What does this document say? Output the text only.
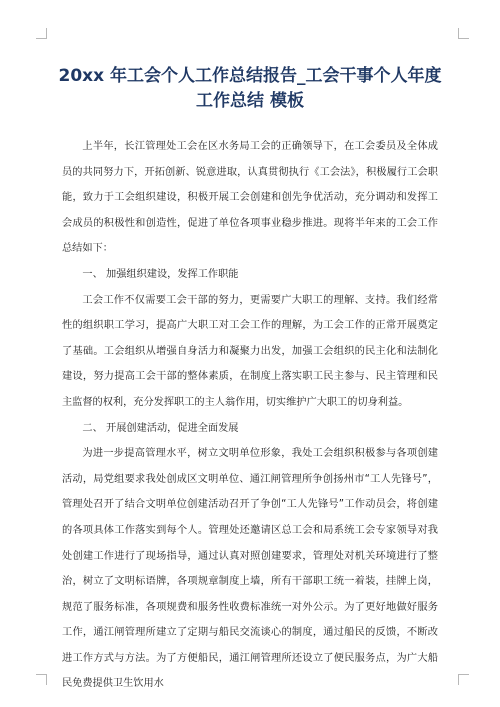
20xx 年工会个人工作总结报告_工会干事个人年度工作总结 模板

上半年，长江管理处工会在区水务局工会的正确领导下，在工会委员及全体成员的共同努力下，开拓创新、锐意进取，认真贯彻执行《工会法》，积极履行工会职能，致力于工会组织建设，积极开展工会创建和创先争优活动，充分调动和发挥工会成员的积极性和创造性，促进了单位各项事业稳步推进。现将半年来的工会工作总结如下：

一、 加强组织建设，发挥工作职能

工会工作不仅需要工会干部的努力，更需要广大职工的理解、支持。我们经常性的组织职工学习，提高广大职工对工会工作的理解，为工会工作的正常开展奠定了基础。工会组织从增强自身活力和凝聚力出发，加强工会组织的民主化和法制化建设，努力提高工会干部的整体素质，在制度上落实职工民主参与、民主管理和民主监督的权利，充分发挥职工的主人翁作用，切实维护广大职工的切身利益。

二、 开展创建活动，促进全面发展

为进一步提高管理水平，树立文明单位形象，我处工会组织积极参与各项创建活动，局党组要求我处创成区文明单位、通江闸管理所争创扬州市“工人先锋号”，管理处召开了结合文明单位创建活动召开了争创“工人先锋号”工作动员会，将创建的各项具体工作落实到每个人。管理处还邀请区总工会和局系统工会专家领导对我处创建工作进行了现场指导，通过认真对照创建要求，管理处对机关环境进行了整治，树立了文明标语牌，各项规章制度上墙，所有干部职工统一着装，挂牌上岗，规范了服务标准，各项规费和服务性收费标准统一对外公示。为了更好地做好服务工作，通江闸管理所建立了定期与船民交流谈心的制度，通过船民的反馈，不断改进工作方式与方法。为了方便船民，通江闸管理所还设立了便民服务点，为广大船民免费提供卫生饮用水
